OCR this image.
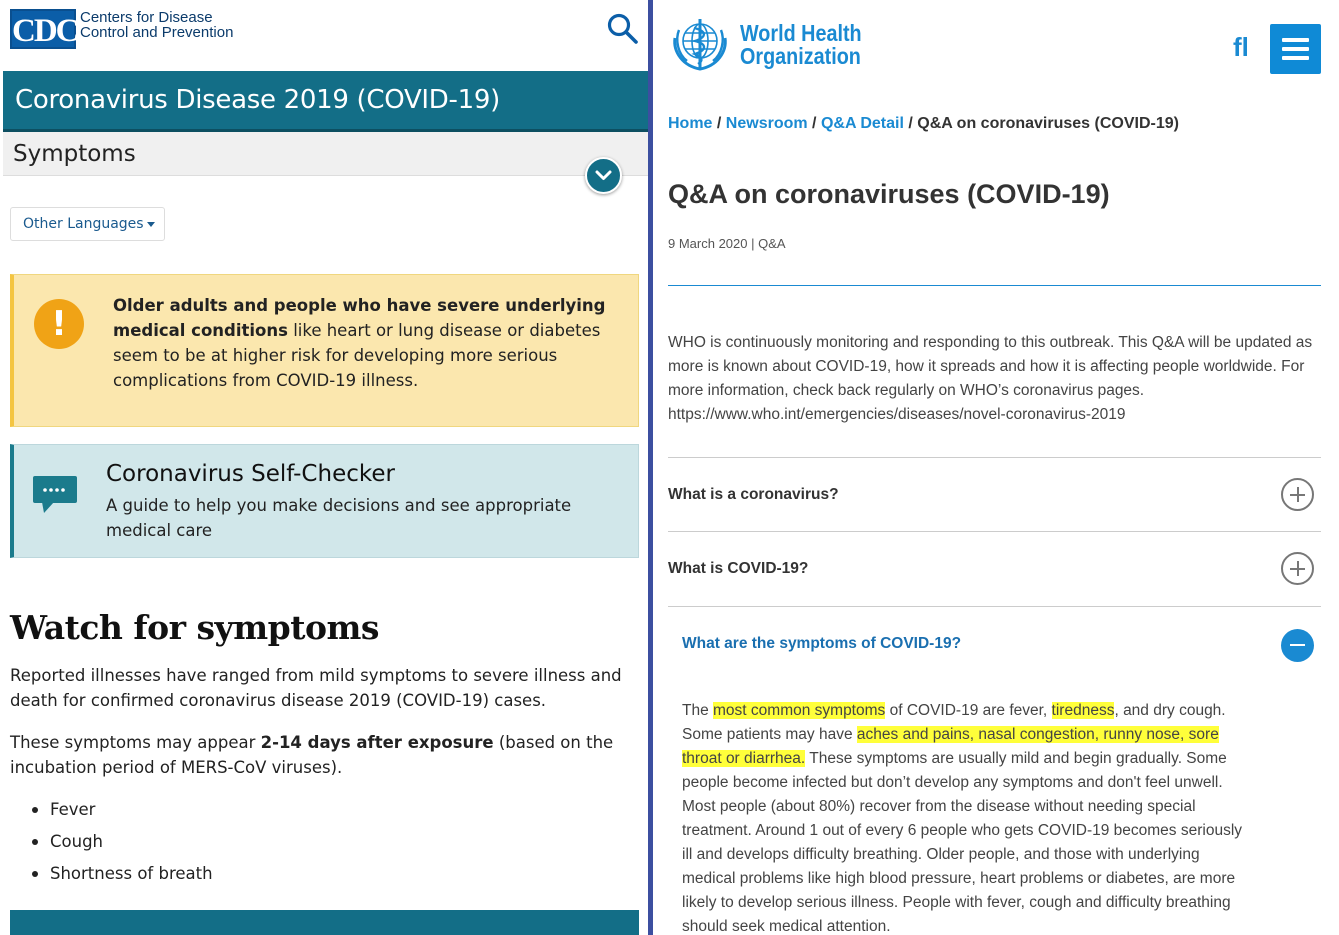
CDC Centers for Disease Control and Prevention
Coronavirus Disease 2019 (COVID-19)
Symptoms
Other Languages
!	Older adults and people who have severe underlying medical conditions like heart or lung disease or diabetes seem to be at higher risk for developing more serious complications from COVID-19 illness.
Coronavirus Self-Checker
A guide to help you make decisions and see appropriate medical care
Watch for symptoms

Reported illnesses have ranged from mild symptoms to severe illness and death for confirmed coronavirus disease 2019 (COVID-19) cases.

These symptoms may appear 2-14 days after exposure (based on the incubation period of MERS-CoV viruses).

Fever
Cough
Shortness of breath
World Health
Organization	fl
Home / Newsroom / Q&A Detail / Q&A on coronaviruses (COVID-19)
Q&A on coronaviruses (COVID-19)
9 March 2020 | Q&A

WHO is continuously monitoring and responding to this outbreak. This Q&A will be updated as more is known about COVID-19, how it spreads and how it is affecting people worldwide. For more information, check back regularly on WHO’s coronavirus pages. https://www.who.int/emergencies/diseases/novel-coronavirus-2019

What is a coronavirus?
What is COVID-19?
What are the symptoms of COVID-19?

The most common symptoms of COVID-19 are fever, tiredness, and dry cough. Some patients may have aches and pains, nasal congestion, runny nose, sore throat or diarrhea. These symptoms are usually mild and begin gradually. Some people become infected but don’t develop any symptoms and don't feel unwell. Most people (about 80%) recover from the disease without needing special treatment. Around 1 out of every 6 people who gets COVID-19 becomes seriously ill and develops difficulty breathing. Older people, and those with underlying medical problems like high blood pressure, heart problems or diabetes, are more likely to develop serious illness. People with fever, cough and difficulty breathing should seek medical attention.
